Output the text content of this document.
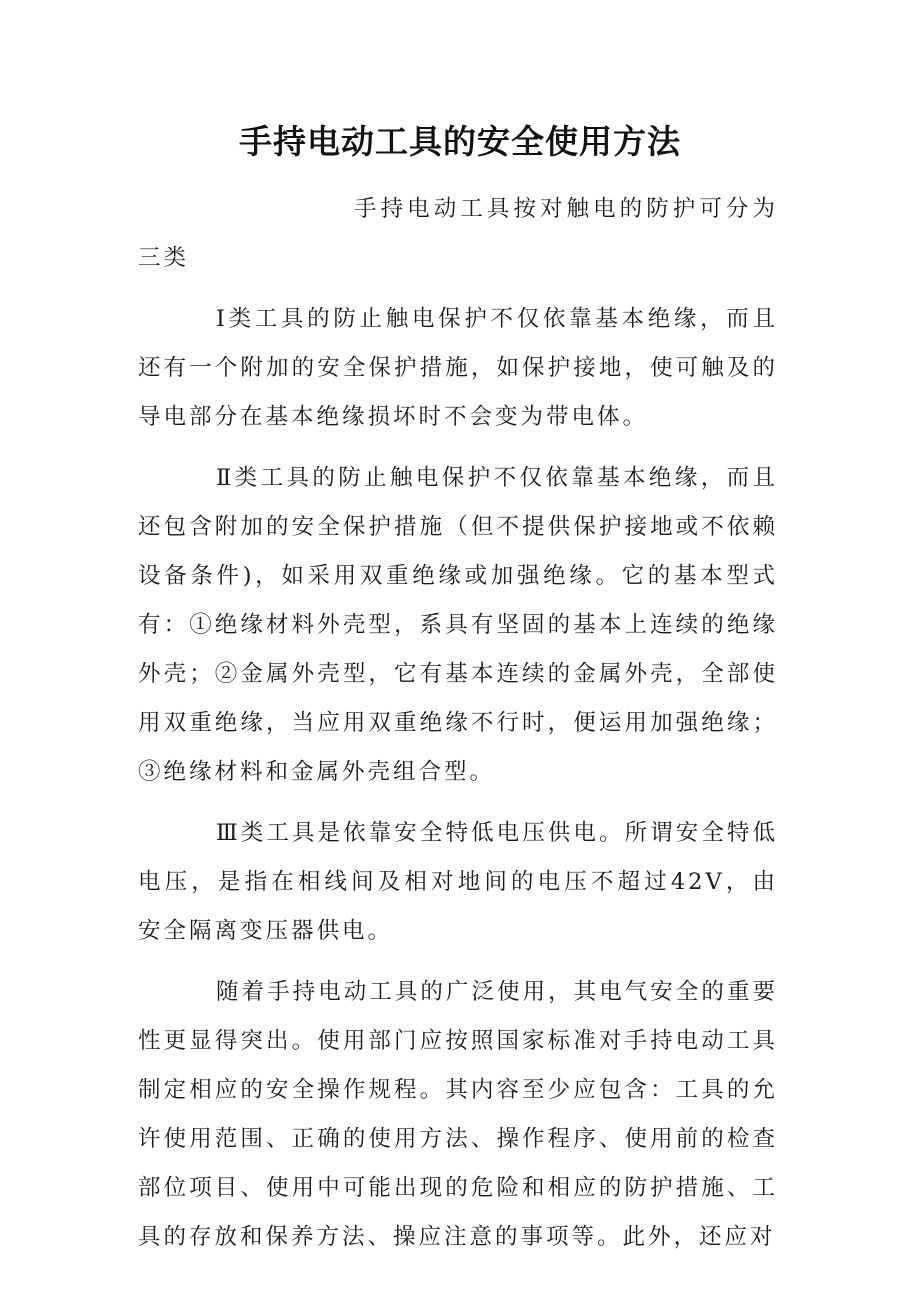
手持电动工具的安全使用方法

手持电动工具按对触电的防护可分为三类

Ⅰ类工具的防止触电保护不仅依靠基本绝缘，而且还有一个附加的安全保护措施，如保护接地，使可触及的导电部分在基本绝缘损坏时不会变为带电体。

Ⅱ类工具的防止触电保护不仅依靠基本绝缘，而且还包含附加的安全保护措施（但不提供保护接地或不依赖设备条件)，如采用双重绝缘或加强绝缘。它的基本型式有：①绝缘材料外壳型，系具有坚固的基本上连续的绝缘外壳；②金属外壳型，它有基本连续的金属外壳，全部使用双重绝缘，当应用双重绝缘不行时，便运用加强绝缘；③绝缘材料和金属外壳组合型。

Ⅲ类工具是依靠安全特低电压供电。所谓安全特低电压，是指在相线间及相对地间的电压不超过42V，由安全隔离变压器供电。

随着手持电动工具的广泛使用，其电气安全的重要性更显得突出。使用部门应按照国家标准对手持电动工具制定相应的安全操作规程。其内容至少应包含：工具的允许使用范围、正确的使用方法、操作程序、使用前的检查部位项目、使用中可能出现的危险和相应的防护措施、工具的存放和保养方法、操应注意的事项等。此外，还应对
